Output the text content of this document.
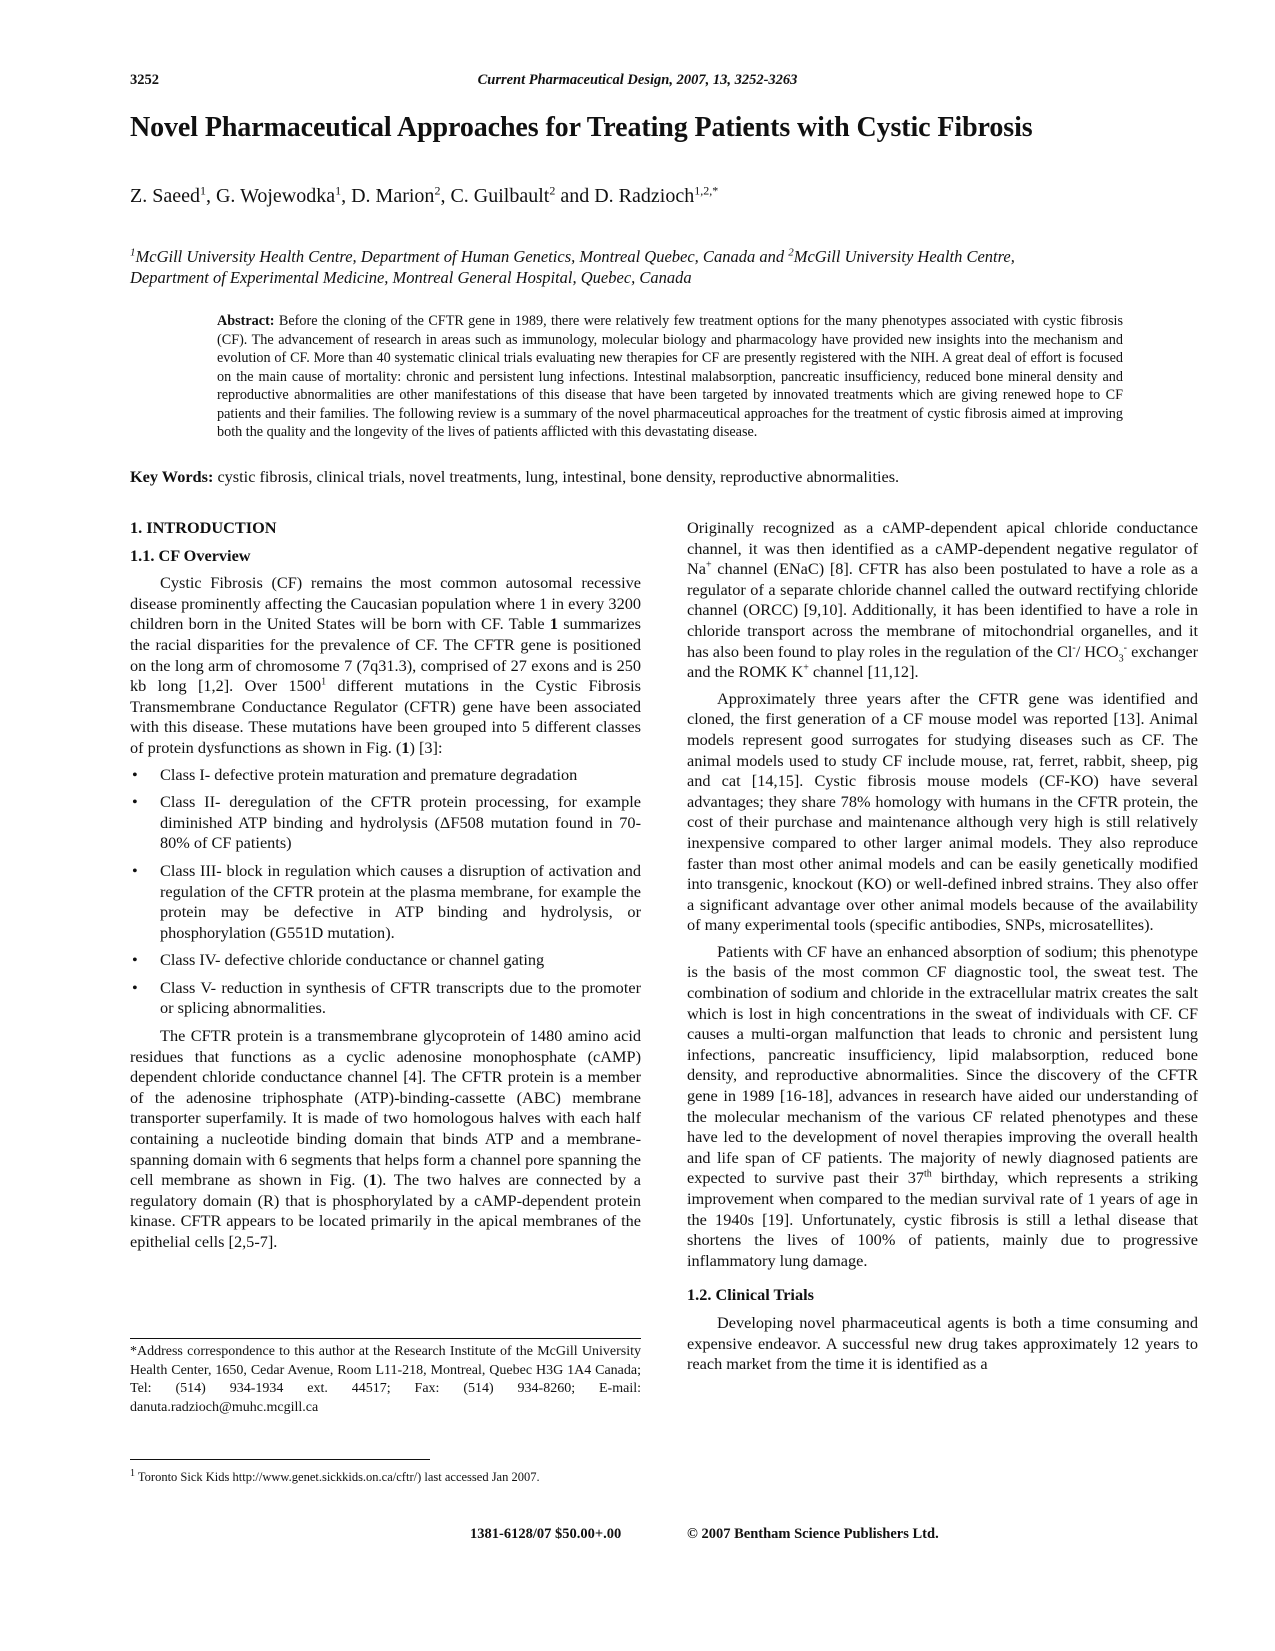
3252	Current Pharmaceutical Design, 2007, 13, 3252-3263
Novel Pharmaceutical Approaches for Treating Patients with Cystic Fibrosis
Z. Saeed$^1$, G. Wojewodka$^1$, D. Marion$^2$, C. Guilbault$^2$ and D. Radzioch$^{1,2,*}$
$^1$McGill University Health Centre, Department of Human Genetics, Montreal Quebec, Canada and $^2$McGill University Health Centre,
Department of Experimental Medicine, Montreal General Hospital, Quebec, Canada
Abstract: Before the cloning of the CFTR gene in 1989, there were relatively few treatment options for the many phenotypes associated with cystic fibrosis (CF). The advancement of research in areas such as immunology, molecular biology and pharmacology have provided new insights into the mechanism and evolution of CF. More than 40 systematic clinical trials evaluating new therapies for CF are presently registered with the NIH. A great deal of effort is focused on the main cause of mortality: chronic and persistent lung infections. Intestinal malabsorption, pancreatic insufficiency, reduced bone mineral density and reproductive abnormalities are other manifestations of this disease that have been targeted by innovated treatments which are giving renewed hope to CF patients and their families. The following review is a summary of the novel pharmaceutical approaches for the treatment of cystic fibrosis aimed at improving both the quality and the longevity of the lives of patients afflicted with this devastating disease.
Key Words: cystic fibrosis, clinical trials, novel treatments, lung, intestinal, bone density, reproductive abnormalities.
1. INTRODUCTION
1.1. CF Overview

Cystic Fibrosis (CF) remains the most common autosomal recessive disease prominently affecting the Caucasian population where 1 in every 3200 children born in the United States will be born with CF. Table 1 summarizes the racial disparities for the prevalence of CF. The CFTR gene is positioned on the long arm of chromosome 7 (7q31.3), comprised of 27 exons and is 250 kb long [1,2]. Over 1500$^1$ different mutations in the Cystic Fibrosis Transmembrane Conductance Regulator (CFTR) gene have been associated with this disease. These mutations have been grouped into 5 different classes of protein dysfunctions as shown in Fig. (1) [3]:

• Class I- defective protein maturation and premature degradation
• Class II- deregulation of the CFTR protein processing, for example diminished ATP binding and hydrolysis (ΔF508 mutation found in 70-80% of CF patients)
• Class III- block in regulation which causes a disruption of activation and regulation of the CFTR protein at the plasma membrane, for example the protein may be defective in ATP binding and hydrolysis, or phosphorylation (G551D mutation).
• Class IV- defective chloride conductance or channel gating
• Class V- reduction in synthesis of CFTR transcripts due to the promoter or splicing abnormalities.

The CFTR protein is a transmembrane glycoprotein of 1480 amino acid residues that functions as a cyclic adenosine monophosphate (cAMP) dependent chloride conductance channel [4]. The CFTR protein is a member of the adenosine triphosphate (ATP)-binding-cassette (ABC) membrane transporter superfamily. It is made of two homologous halves with each half containing a nucleotide binding domain that binds ATP and a membrane-spanning domain with 6 segments that helps form a channel pore spanning the cell membrane as shown in Fig. (1). The two halves are connected by a regulatory domain (R) that is phosphorylated by a cAMP-dependent protein kinase. CFTR appears to be located primarily in the apical membranes of the epithelial cells [2,5-7].

*Address correspondence to this author at the Research Institute of the McGill University Health Center, 1650, Cedar Avenue, Room L11-218, Montreal, Quebec H3G 1A4 Canada; Tel: (514) 934-1934 ext. 44517; Fax: (514) 934-8260; E-mail: danuta.radzioch@muhc.mcgill.ca
$^1$ Toronto Sick Kids http://www.genet.sickkids.on.ca/cftr/) last accessed Jan 2007.

Originally recognized as a cAMP-dependent apical chloride conductance channel, it was then identified as a cAMP-dependent negative regulator of Na+ channel (ENaC) [8]. CFTR has also been postulated to have a role as a regulator of a separate chloride channel called the outward rectifying chloride channel (ORCC) [9,10]. Additionally, it has been identified to have a role in chloride transport across the membrane of mitochondrial organelles, and it has also been found to play roles in the regulation of the Cl-/ $HCO_3^-$ exchanger and the ROMK K+ channel [11,12].

Approximately three years after the CFTR gene was identified and cloned, the first generation of a CF mouse model was reported [13]. Animal models represent good surrogates for studying diseases such as CF. The animal models used to study CF include mouse, rat, ferret, rabbit, sheep, pig and cat [14,15]. Cystic fibrosis mouse models (CF-KO) have several advantages; they share 78% homology with humans in the CFTR protein, the cost of their purchase and maintenance although very high is still relatively inexpensive compared to other larger animal models. They also reproduce faster than most other animal models and can be easily genetically modified into transgenic, knockout (KO) or well-defined inbred strains. They also offer a significant advantage over other animal models because of the availability of many experimental tools (specific antibodies, SNPs, microsatellites).

Patients with CF have an enhanced absorption of sodium; this phenotype is the basis of the most common CF diagnostic tool, the sweat test. The combination of sodium and chloride in the extracellular matrix creates the salt which is lost in high concentrations in the sweat of individuals with CF. CF causes a multi-organ malfunction that leads to chronic and persistent lung infections, pancreatic insufficiency, lipid malabsorption, reduced bone density, and reproductive abnormalities. Since the discovery of the CFTR gene in 1989 [16-18], advances in research have aided our understanding of the molecular mechanism of the various CF related phenotypes and these have led to the development of novel therapies improving the overall health and life span of CF patients. The majority of newly diagnosed patients are expected to survive past their 37th birthday, which represents a striking improvement when compared to the median survival rate of 1 years of age in the 1940s [19]. Unfortunately, cystic fibrosis is still a lethal disease that shortens the lives of 100% of patients, mainly due to progressive inflammatory lung damage.

1.2. Clinical Trials

Developing novel pharmaceutical agents is both a time consuming and expensive endeavor. A successful new drug takes approximately 12 years to reach market from the time it is identified as a

1381-6128/07 $50.00+.00	© 2007 Bentham Science Publishers Ltd.
